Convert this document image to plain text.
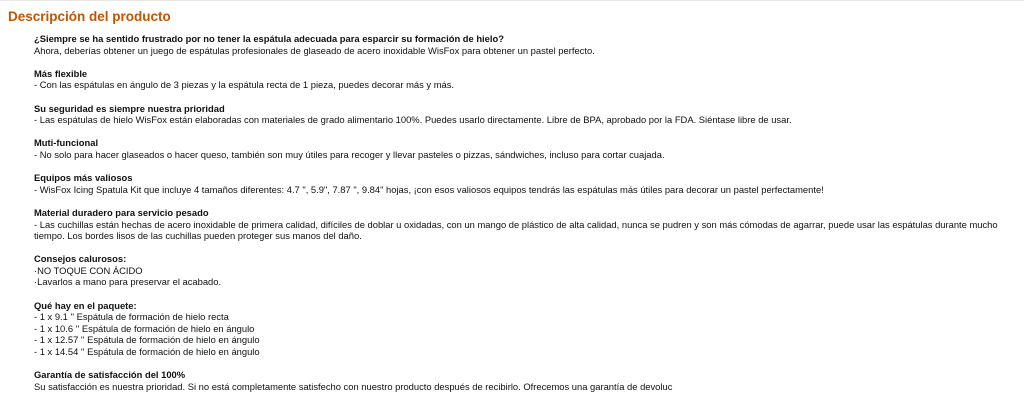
Descripción del producto
¿Siempre se ha sentido frustrado por no tener la espátula adecuada para esparcir su formación de hielo?
Ahora, deberías obtener un juego de espátulas profesionales de glaseado de acero inoxidable WisFox para obtener un pastel perfecto.
Más flexible
- Con las espátulas en ángulo de 3 piezas y la espátula recta de 1 pieza, puedes decorar más y más.
Su seguridad es siempre nuestra prioridad
- Las espátulas de hielo WisFox están elaboradas con materiales de grado alimentario 100%. Puedes usarlo directamente. Libre de BPA, aprobado por la FDA. Siéntase libre de usar.
Muti-funcional
- No solo para hacer glaseados o hacer queso, también son muy útiles para recoger y llevar pasteles o pizzas, sándwiches, incluso para cortar cuajada.
Equipos más valiosos
- WisFox Icing Spatula Kit que incluye 4 tamaños diferentes: 4.7 ", 5.9", 7.87 ", 9.84" hojas, ¡con esos valiosos equipos tendrás las espátulas más útiles para decorar un pastel perfectamente!
Material duradero para servicio pesado
- Las cuchillas están hechas de acero inoxidable de primera calidad, difíciles de doblar u oxidadas, con un mango de plástico de alta calidad, nunca se pudren y son más cómodas de agarrar, puede usar las espátulas durante mucho tiempo. Los bordes lisos de las cuchillas pueden proteger sus manos del daño.
Consejos calurosos:
·NO TOQUE CON ÁCIDO
·Lavarlos a mano para preservar el acabado.
Qué hay en el paquete:
- 1 x 9.1 '' Espátula de formación de hielo recta
- 1 x 10.6 '' Espátula de formación de hielo en ángulo
- 1 x 12.57 '' Espátula de formación de hielo en ángulo
- 1 x 14.54 '' Espátula de formación de hielo en ángulo
Garantía de satisfacción del 100%
Su satisfacción es nuestra prioridad. Si no está completamente satisfecho con nuestro producto después de recibirlo. Ofrecemos una garantía de devoluc
